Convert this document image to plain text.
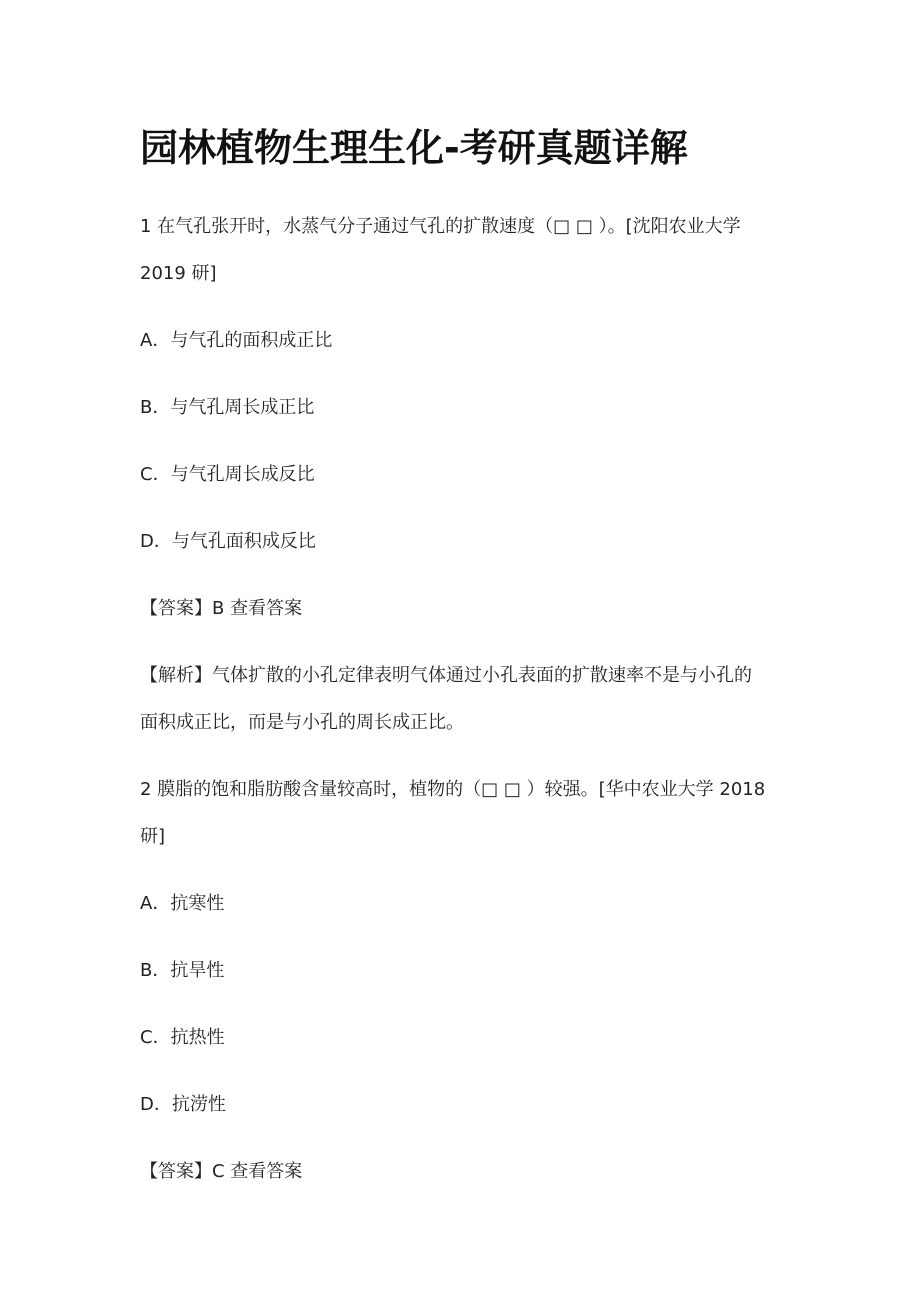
园林植物生理生化-考研真题详解

1 在气孔张开时，水蒸气分子通过气孔的扩散速度（□ □ ）。[沈阳农业大学
2019 研]

A．与气孔的面积成正比

B．与气孔周长成正比

C．与气孔周长成反比

D．与气孔面积成反比

【答案】B 查看答案

【解析】气体扩散的小孔定律表明气体通过小孔表面的扩散速率不是与小孔的
面积成正比，而是与小孔的周长成正比。

2 膜脂的饱和脂肪酸含量较高时，植物的（□ □ ）较强。[华中农业大学 2018
研]

A．抗寒性

B．抗旱性

C．抗热性

D．抗涝性

【答案】C 查看答案
